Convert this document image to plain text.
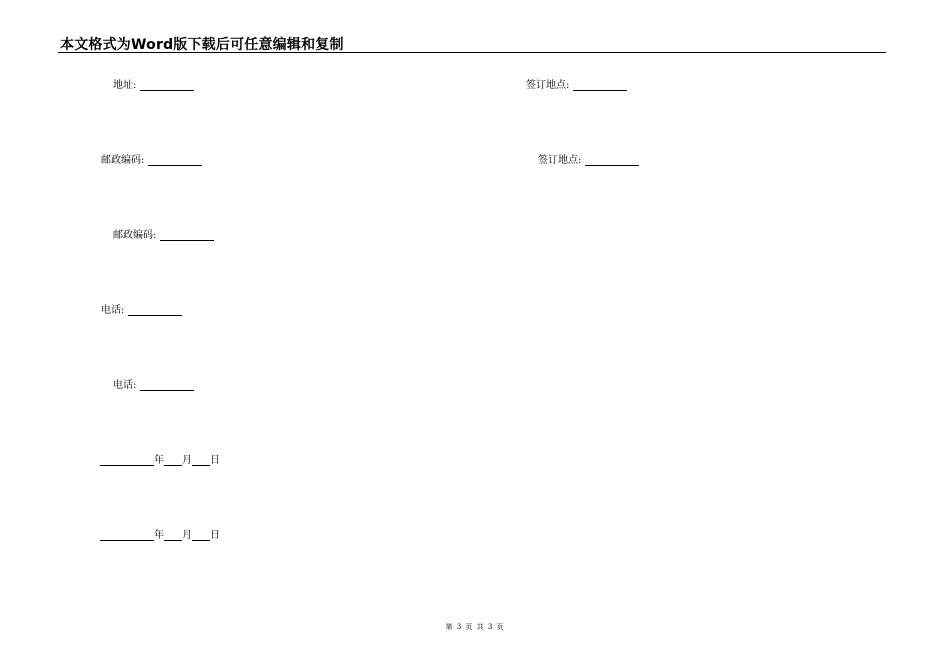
本文格式为Word版下载后可任意编辑和复制
地址:	签订地点:
邮政编码:	签订地点:
邮政编码:
电话:
电话:
年 月 日
年 月 日
第 3 页 共 3 页
